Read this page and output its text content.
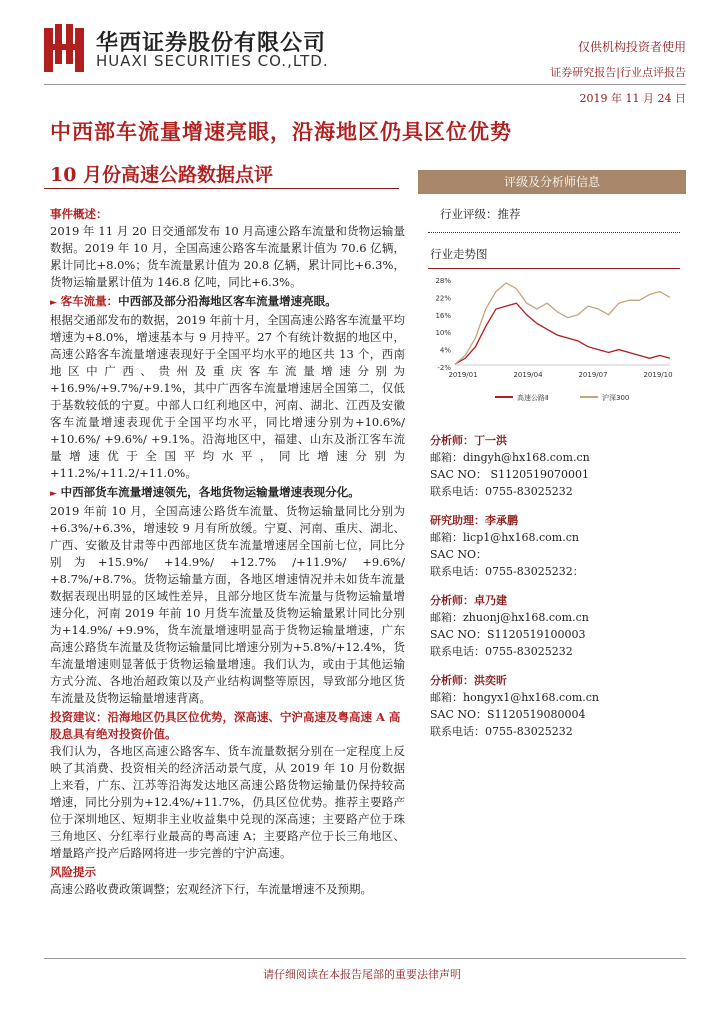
华西证券股份有限公司
HUAXI SECURITIES CO.,LTD.
仅供机构投资者使用
证券研究报告|行业点评报告
2019 年 11 月 24 日
中西部车流量增速亮眼，沿海地区仍具区位优势
10 月份高速公路数据点评
事件概述：

2019 年 11 月 20 日交通部发布 10 月高速公路车流量和货物运输量数据。2019 年 10 月，全国高速公路客车流量累计值为 70.6 亿辆，累计同比+8.0%；货车流量累计值为 20.8 亿辆，累计同比+6.3%，货物运输量累计值为 146.8 亿吨，同比+6.3%。

► 客车流量：中西部及部分沿海地区客车流量增速亮眼。

根据交通部发布的数据，2019 年前十月，全国高速公路客车流量平均增速为+8.0%，增速基本与 9 月持平。27 个有统计数据的地区中，高速公路客车流量增速表现好于全国平均水平的地区共 13 个，西南地区中广西、贵州及重庆客车流量增速分别为+16.9%/+9.7%/+9.1%，其中广西客车流量增速居全国第二，仅低于基数较低的宁夏。中部人口红利地区中，河南、湖北、江西及安徽客车流量增速表现优于全国平均水平，同比增速分别为+10.6%/ +10.6%/ +9.6%/ +9.1%。沿海地区中，福建、山东及浙江客车流量增速优于全国平均水平，同比增速分别为+11.2%/+11.2/+11.0%。

► 中西部货车流量增速领先，各地货物运输量增速表现分化。

2019 年前 10 月，全国高速公路货车流量、货物运输量同比分别为+6.3%/+6.3%，增速较 9 月有所放缓。宁夏、河南、重庆、湖北、广西、安徽及甘肃等中西部地区货车流量增速居全国前七位，同比分别为+15.9%/ +14.9%/ +12.7% /+11.9%/ +9.6%/ +8.7%/+8.7%。货物运输量方面，各地区增速情况并未如货车流量数据表现出明显的区域性差异，且部分地区货车流量与货物运输量增速分化，河南 2019 年前 10 月货车流量及货物运输量累计同比分别为+14.9%/ +9.9%，货车流量增速明显高于货物运输量增速，广东高速公路货车流量及货物运输量同比增速分别为+5.8%/+12.4%，货车流量增速则显著低于货物运输量增速。我们认为，或由于其他运输方式分流、各地治超政策以及产业结构调整等原因，导致部分地区货车流量及货物运输量增速背离。

投资建议：沿海地区仍具区位优势，深高速、宁沪高速及粤高速 A 高股息具有绝对投资价值。

我们认为，各地区高速公路客车、货车流量数据分别在一定程度上反映了其消费、投资相关的经济活动景气度，从 2019 年 10 月份数据上来看，广东、江苏等沿海发达地区高速公路货物运输量仍保持较高增速，同比分别为+12.4%/+11.7%，仍具区位优势。推荐主要路产位于深圳地区、短期非主业收益集中兑现的深高速；主要路产位于珠三角地区、分红率行业最高的粤高速 A；主要路产位于长三角地区、增量路产投产后路网将进一步完善的宁沪高速。

风险提示

高速公路收费政策调整；宏观经济下行，车流量增速不及预期。

评级及分析师信息
行业评级：推荐
行业走势图
28%
22%
16%
10%
4%
-2%
2019/01	2019/04	2019/07	2019/10
高速公路Ⅱ	沪深300
分析师：丁一洪
邮箱：dingyh@hx168.com.cn
SAC NO： S1120519070001
联系电话：0755-83025232
研究助理：李承鹏
邮箱：licp1@hx168.com.cn
SAC NO：
联系电话：0755-83025232：
分析师：卓乃建
邮箱：zhuonj@hx168.com.cn
SAC NO：S1120519100003
联系电话：0755-83025232
分析师：洪奕昕
邮箱：hongyx1@hx168.com.cn
SAC NO：S1120519080004
联系电话：0755-83025232
请仔细阅读在本报告尾部的重要法律声明
